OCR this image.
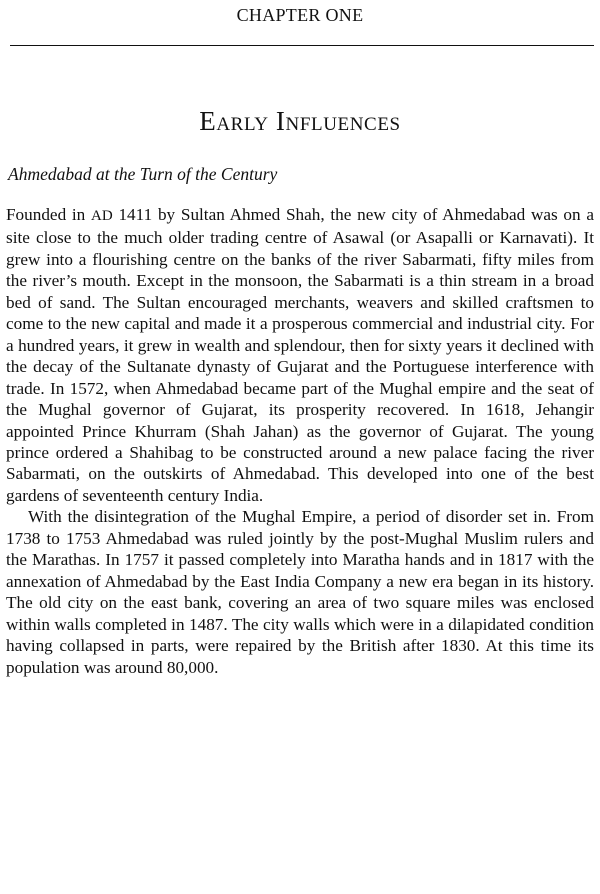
CHAPTER ONE
Early Influences
Ahmedabad at the Turn of the Century

Founded in AD 1411 by Sultan Ahmed Shah, the new city of Ahmedabad was on a site close to the much older trading centre of Asawal (or Asapalli or Karnavati). It grew into a flourishing centre on the banks of the river Sabarmati, fifty miles from the river’s mouth. Except in the monsoon, the Sabarmati is a thin stream in a broad bed of sand. The Sultan encouraged merchants, weavers and skilled craftsmen to come to the new capital and made it a prosperous commercial and industrial city. For a hundred years, it grew in wealth and splendour, then for sixty years it declined with the decay of the Sultanate dynasty of Gujarat and the Portuguese interference with trade. In 1572, when Ahmedabad became part of the Mughal empire and the seat of the Mughal governor of Gujarat, its prosperity recovered. In 1618, Jehangir appointed Prince Khurram (Shah Jahan) as the governor of Gujarat. The young prince ordered a Shahibag to be constructed around a new palace facing the river Sabarmati, on the outskirts of Ahmedabad. This developed into one of the best gardens of seventeenth century India.

With the disintegration of the Mughal Empire, a period of disorder set in. From 1738 to 1753 Ahmedabad was ruled jointly by the post-Mughal Muslim rulers and the Marathas. In 1757 it passed completely into Maratha hands and in 1817 with the annexation of Ahmedabad by the East India Company a new era began in its history. The old city on the east bank, covering an area of two square miles was enclosed within walls completed in 1487. The city walls which were in a dilapidated condition having collapsed in parts, were repaired by the British after 1830. At this time its population was around 80,000.
